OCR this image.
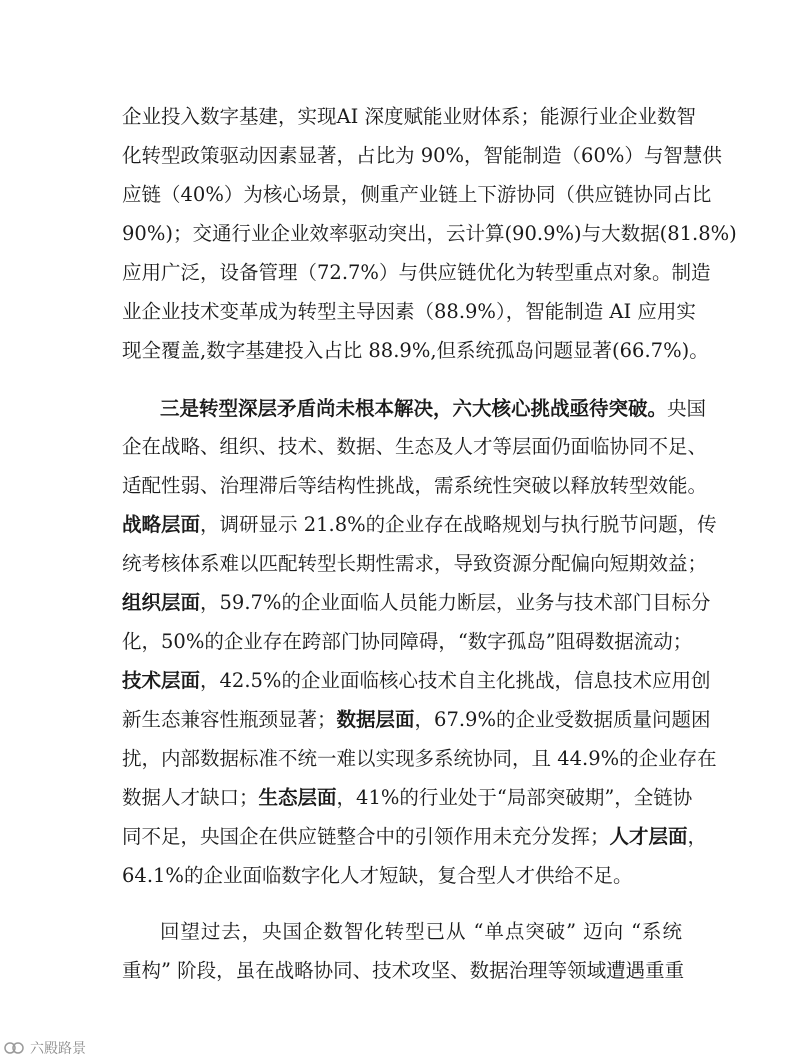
企业投入数字基建，实现AI 深度赋能业财体系；能源行业企业数智
化转型政策驱动因素显著，占比为 90%，智能制造（60%）与智慧供
应链（40%）为核心场景，侧重产业链上下游协同（供应链协同占比
90%)；交通行业企业效率驱动突出，云计算(90.9%)与大数据(81.8%)
应用广泛，设备管理（72.7%）与供应链优化为转型重点对象。制造
业企业技术变革成为转型主导因素（88.9%），智能制造 AI 应用实
现全覆盖,数字基建投入占比 88.9%,但系统孤岛问题显著(66.7%)。
三是转型深层矛盾尚未根本解决，六大核心挑战亟待突破。央国
企在战略、组织、技术、数据、生态及人才等层面仍面临协同不足、
适配性弱、治理滞后等结构性挑战，需系统性突破以释放转型效能。
战略层面，调研显示 21.8%的企业存在战略规划与执行脱节问题，传
统考核体系难以匹配转型长期性需求，导致资源分配偏向短期效益；
组织层面，59.7%的企业面临人员能力断层，业务与技术部门目标分
化，50%的企业存在跨部门协同障碍，“数字孤岛”阻碍数据流动；
技术层面，42.5%的企业面临核心技术自主化挑战，信息技术应用创
新生态兼容性瓶颈显著；数据层面，67.9%的企业受数据质量问题困
扰，内部数据标准不统一难以实现多系统协同，且 44.9%的企业存在
数据人才缺口；生态层面，41%的行业处于“局部突破期”，全链协
同不足，央国企在供应链整合中的引领作用未充分发挥；人才层面，
64.1%的企业面临数字化人才短缺，复合型人才供给不足。
回望过去，央国企数智化转型已从 “单点突破” 迈向 “系统
重构” 阶段，虽在战略协同、技术攻坚、数据治理等领域遭遇重重
六殿路景
